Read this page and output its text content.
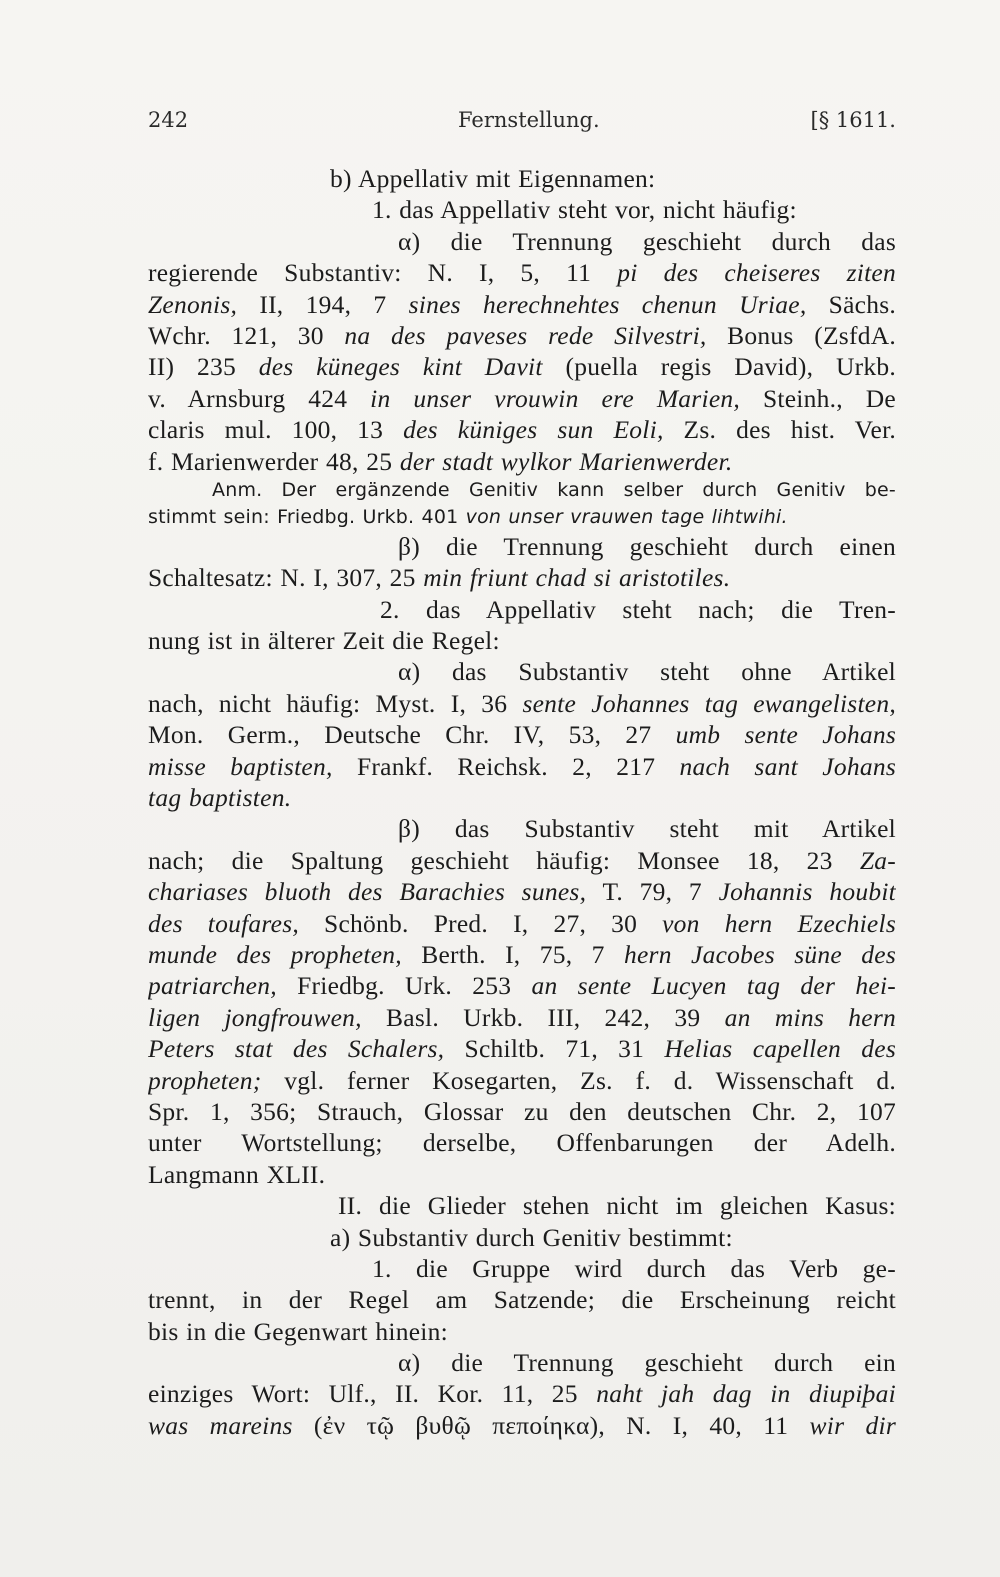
242	Fernstellung.	[§ 1611.
b) Appellativ mit Eigennamen:
1. das Appellativ steht vor, nicht häufig:
α) die Trennung geschieht durch das
regierende Substantiv: N. I, 5, 11 pi des cheiseres ziten
Zenonis, II, 194, 7 sines herechnehtes chenun Uriae, Sächs.
Wchr. 121, 30 na des paveses rede Silvestri, Bonus (ZsfdA.
II) 235 des küneges kint Davit (puella regis David), Urkb.
v. Arnsburg 424 in unser vrouwin ere Marien, Steinh., De
claris mul. 100, 13 des küniges sun Eoli, Zs. des hist. Ver.
f. Marienwerder 48, 25 der stadt wylkor Marienwerder.
Anm. Der ergänzende Genitiv kann selber durch Genitiv be-
stimmt sein: Friedbg. Urkb. 401 von unser vrauwen tage lihtwihi.
β) die Trennung geschieht durch einen
Schaltesatz: N. I, 307, 25 min friunt chad si aristotiles.
2. das Appellativ steht nach; die Tren-
nung ist in älterer Zeit die Regel:
α) das Substantiv steht ohne Artikel
nach, nicht häufig: Myst. I, 36 sente Johannes tag ewangelisten,
Mon. Germ., Deutsche Chr. IV, 53, 27 umb sente Johans
misse baptisten, Frankf. Reichsk. 2, 217 nach sant Johans
tag baptisten.
β) das Substantiv steht mit Artikel
nach; die Spaltung geschieht häufig: Monsee 18, 23 Za-
chariases bluoth des Barachies sunes, T. 79, 7 Johannis houbit
des toufares, Schönb. Pred. I, 27, 30 von hern Ezechiels
munde des propheten, Berth. I, 75, 7 hern Jacobes süne des
patriarchen, Friedbg. Urk. 253 an sente Lucyen tag der hei-
ligen jongfrouwen, Basl. Urkb. III, 242, 39 an mins hern
Peters stat des Schalers, Schiltb. 71, 31 Helias capellen des
propheten; vgl. ferner Kosegarten, Zs. f. d. Wissenschaft d.
Spr. 1, 356; Strauch, Glossar zu den deutschen Chr. 2, 107
unter Wortstellung; derselbe, Offenbarungen der Adelh.
Langmann XLII.
II. die Glieder stehen nicht im gleichen Kasus:
a) Substantiv durch Genitiv bestimmt:
1. die Gruppe wird durch das Verb ge-
trennt, in der Regel am Satzende; die Erscheinung reicht
bis in die Gegenwart hinein:
α) die Trennung geschieht durch ein
einziges Wort: Ulf., II. Kor. 11, 25 naht jah dag in diupiþai
was mareins (ἐν τῷ βυθῷ πεποίηκα), N. I, 40, 11 wir dir
